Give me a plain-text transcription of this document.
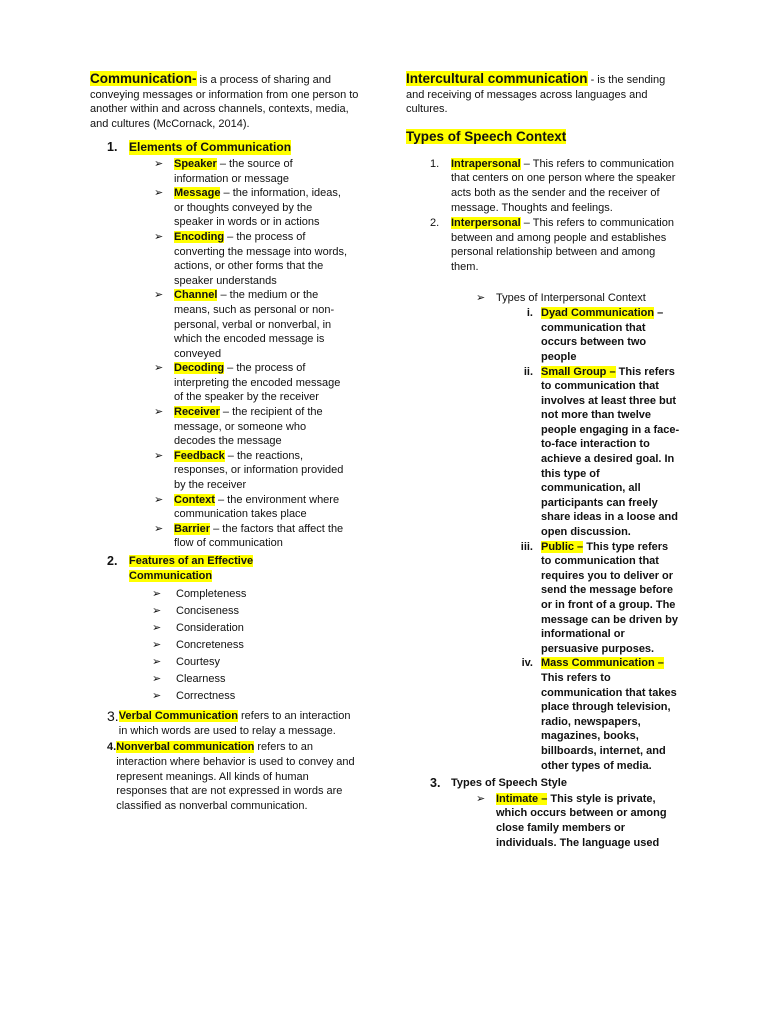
Communication- is a process of sharing and conveying messages or information from one person to another within and across channels, contexts, media, and cultures (McCornack, 2014).

1. Elements of Communication
➢ Speaker – the source of information or message
➢ Message – the information, ideas, or thoughts conveyed by the speaker in words or in actions
➢ Encoding – the process of converting the message into words, actions, or other forms that the speaker understands
➢ Channel – the medium or the means, such as personal or non-personal, verbal or nonverbal, in which the encoded message is conveyed
➢ Decoding – the process of interpreting the encoded message of the speaker by the receiver
➢ Receiver – the recipient of the message, or someone who decodes the message
➢ Feedback – the reactions, responses, or information provided by the receiver
➢ Context – the environment where communication takes place
➢ Barrier – the factors that affect the flow of communication
2.	Features of an Effective
Communication
➢	Completeness
➢	Conciseness
➢	Consideration
➢	Concreteness
➢	Courtesy
➢	Clearness
➢	Correctness
3. Verbal Communication refers to an interaction in which words are used to relay a message.
4. Nonverbal communication refers to an interaction where behavior is used to convey and represent meanings. All kinds of human responses that are not expressed in words are classified as nonverbal communication.

Intercultural communication - is the sending and receiving of messages across languages and cultures.

Types of Speech Context
1.	Intrapersonal – This refers to communication that centers on one person where the speaker acts both as the sender and the receiver of message. Thoughts and feelings.
2.	Interpersonal – This refers to communication between and among people and establishes personal relationship between and among them.
➢ Types of Interpersonal Context
i. Dyad Communication – communication that occurs between two people
ii. Small Group – This refers to communication that involves at least three but not more than twelve people engaging in a face-to-face interaction to achieve a desired goal. In this type of communication, all participants can freely share ideas in a loose and open discussion.
iii. Public – This type refers to communication that requires you to deliver or send the message before or in front of a group. The message can be driven by informational or persuasive purposes.
iv. Mass Communication – This refers to communication that takes place through television, radio, newspapers, magazines, books, billboards, internet, and other types of media.
3. Types of Speech Style
➢ Intimate – This style is private, which occurs between or among close family members or individuals. The language used
